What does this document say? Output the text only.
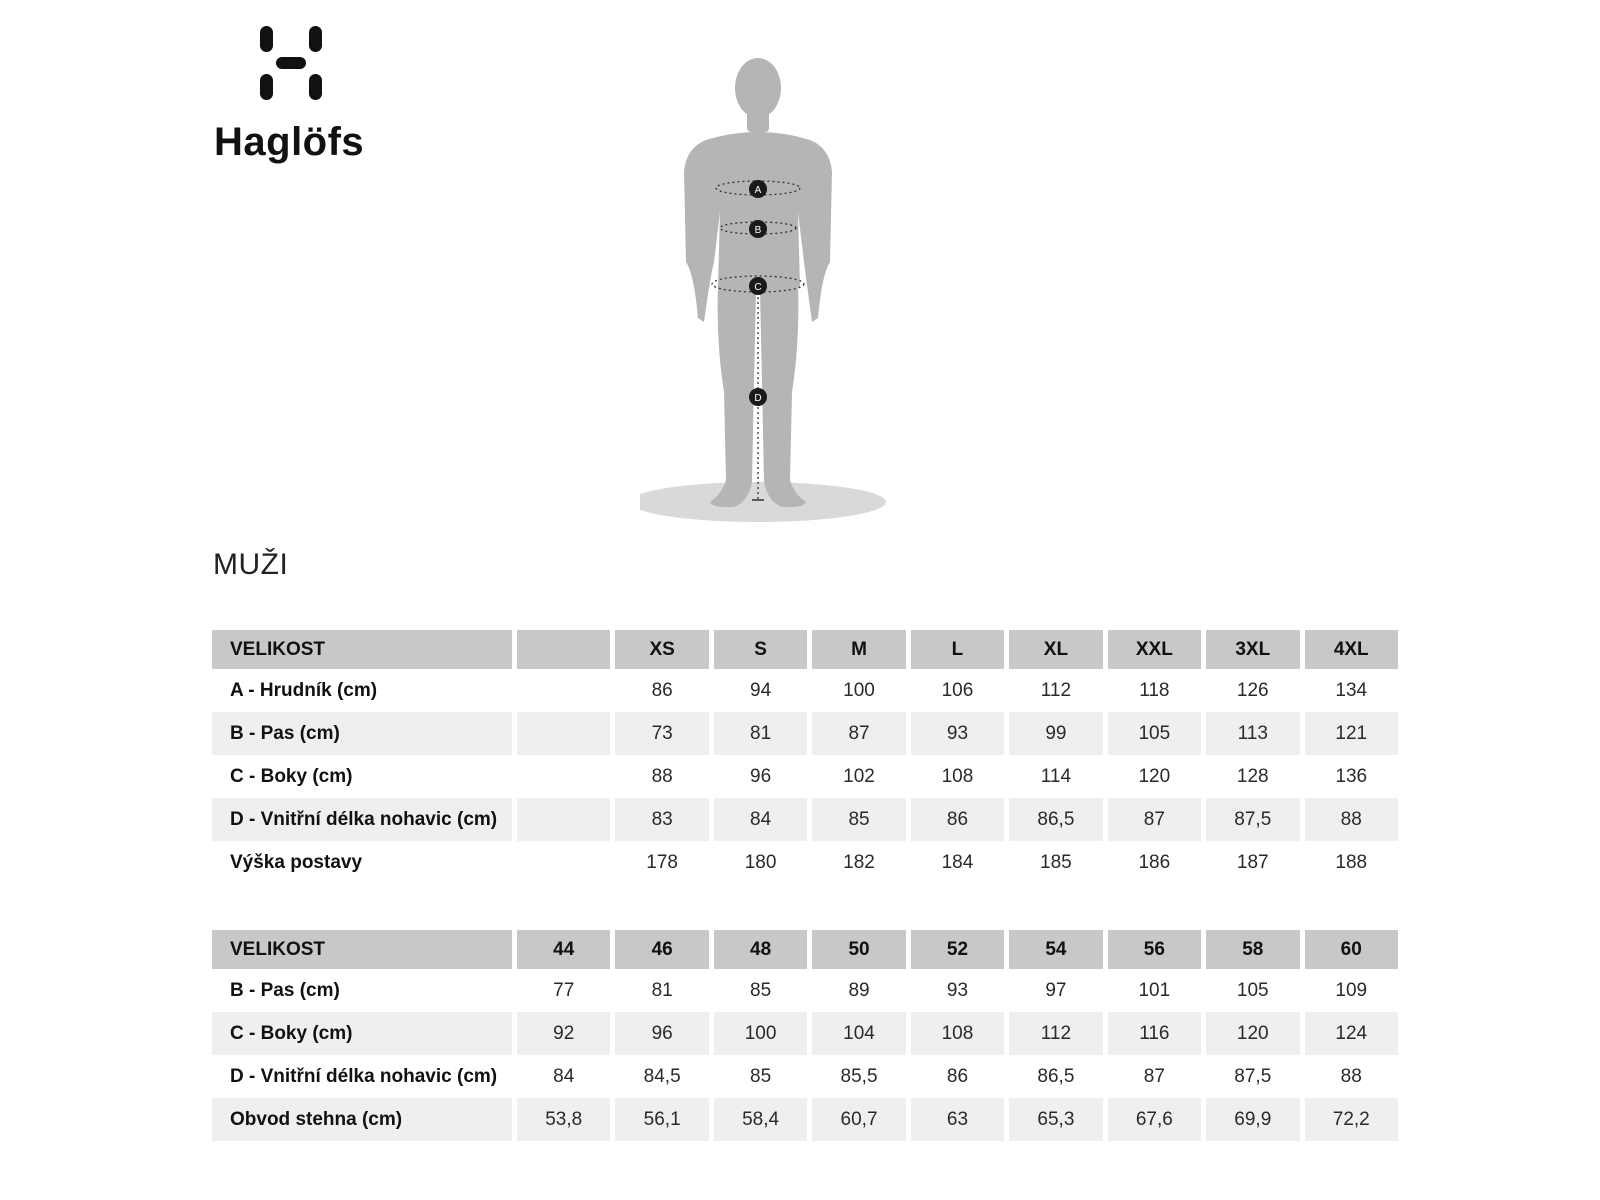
Haglöfs
A
B
C
D
MUŽI
VELIKOST		XS	S	M	L	XL	XXL	3XL	4XL
A - Hrudník (cm)		86	94	100	106	112	118	126	134
B - Pas (cm)		73	81	87	93	99	105	113	121
C - Boky (cm)		88	96	102	108	114	120	128	136
D - Vnitřní délka nohavic (cm)		83	84	85	86	86,5	87	87,5	88
Výška postavy		178	180	182	184	185	186	187	188
VELIKOST	44	46	48	50	52	54	56	58	60
B - Pas (cm)	77	81	85	89	93	97	101	105	109
C - Boky (cm)	92	96	100	104	108	112	116	120	124
D - Vnitřní délka nohavic (cm)	84	84,5	85	85,5	86	86,5	87	87,5	88
Obvod stehna (cm)	53,8	56,1	58,4	60,7	63	65,3	67,6	69,9	72,2
